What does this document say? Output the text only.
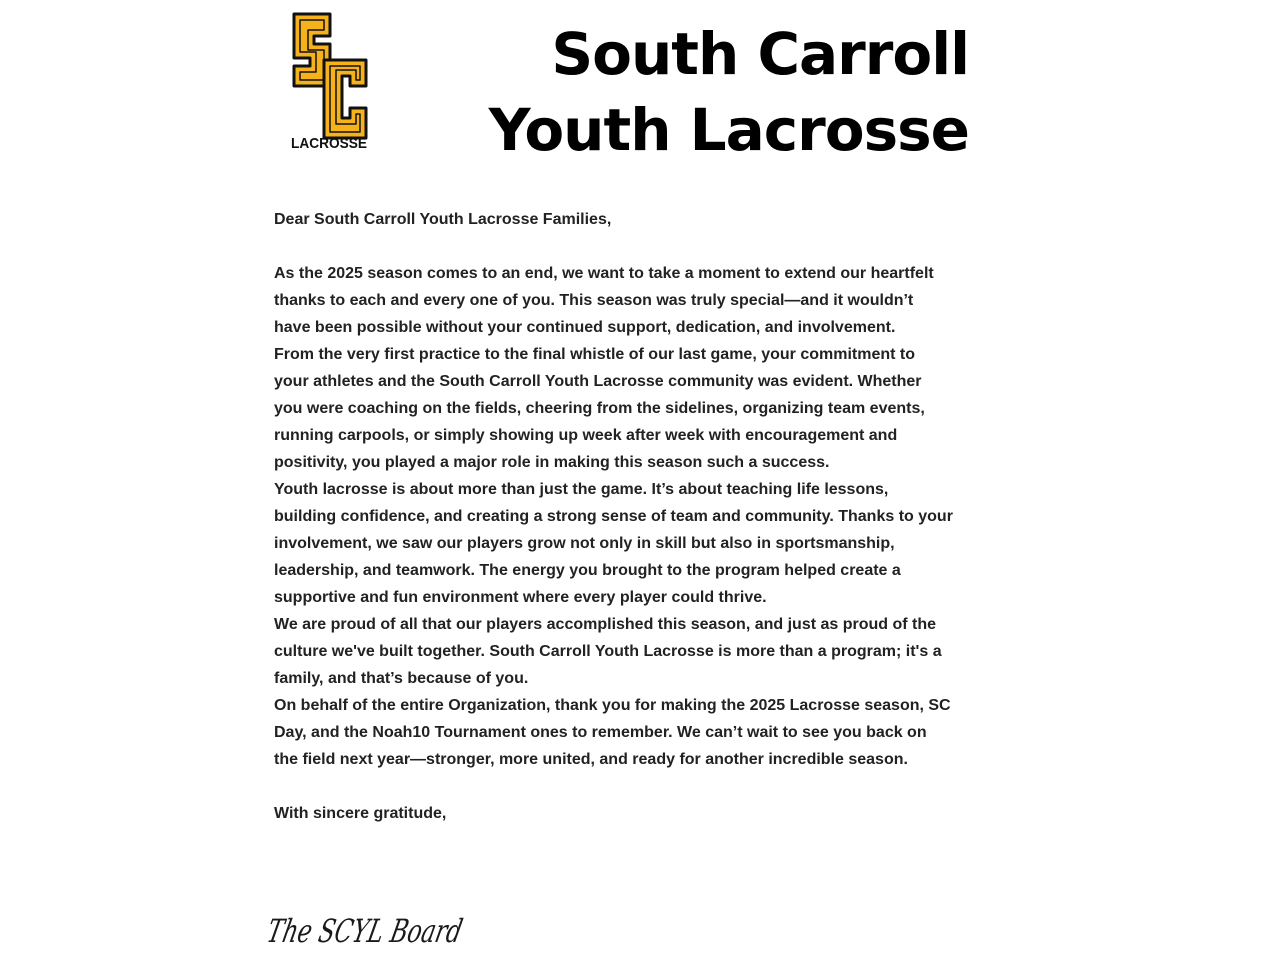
LACROSSE
South Carroll
Youth Lacrosse

Dear South Carroll Youth Lacrosse Families,

As the 2025 season comes to an end, we want to take a moment to extend our heartfelt thanks to each and every one of you. This season was truly special—and it wouldn’t have been possible without your continued support, dedication, and involvement.

From the very first practice to the final whistle of our last game, your commitment to your athletes and the South Carroll Youth Lacrosse community was evident. Whether you were coaching on the fields, cheering from the sidelines, organizing team events, running carpools, or simply showing up week after week with encouragement and positivity, you played a major role in making this season such a success.

Youth lacrosse is about more than just the game. It’s about teaching life lessons, building confidence, and creating a strong sense of team and community. Thanks to your involvement, we saw our players grow not only in skill but also in sportsmanship, leadership, and teamwork. The energy you brought to the program helped create a supportive and fun environment where every player could thrive.

We are proud of all that our players accomplished this season, and just as proud of the culture we've built together. South Carroll Youth Lacrosse is more than a program; it's a family, and that’s because of you.

On behalf of the entire Organization, thank you for making the 2025 Lacrosse season, SC Day, and the Noah10 Tournament ones to remember. We can’t wait to see you back on the field next year—stronger, more united, and ready for another incredible season.

With sincere gratitude,

The SCYL Board
